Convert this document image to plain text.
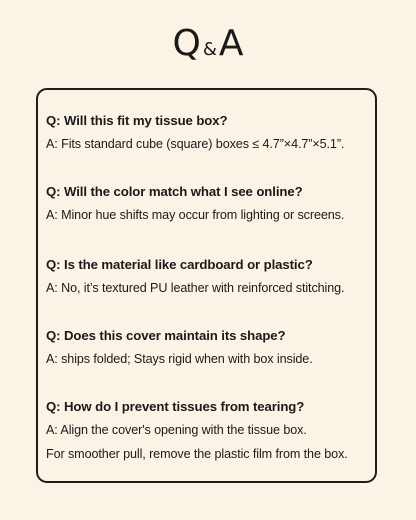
Q &A
Q: Will this fit my tissue box?
A: Fits standard cube (square) boxes ≤ 4.7”×4.7”×5.1”.
Q: Will the color match what I see online?
A: Minor hue shifts may occur from lighting or screens.
Q: Is the material like cardboard or plastic?
A: No, it’s textured PU leather with reinforced stitching.
Q: Does this cover maintain its shape?
A: ships folded; Stays rigid when with box inside.
Q: How do I prevent tissues from tearing?
A: Align the cover's opening with the tissue box.
For smoother pull, remove the plastic film from the box.
